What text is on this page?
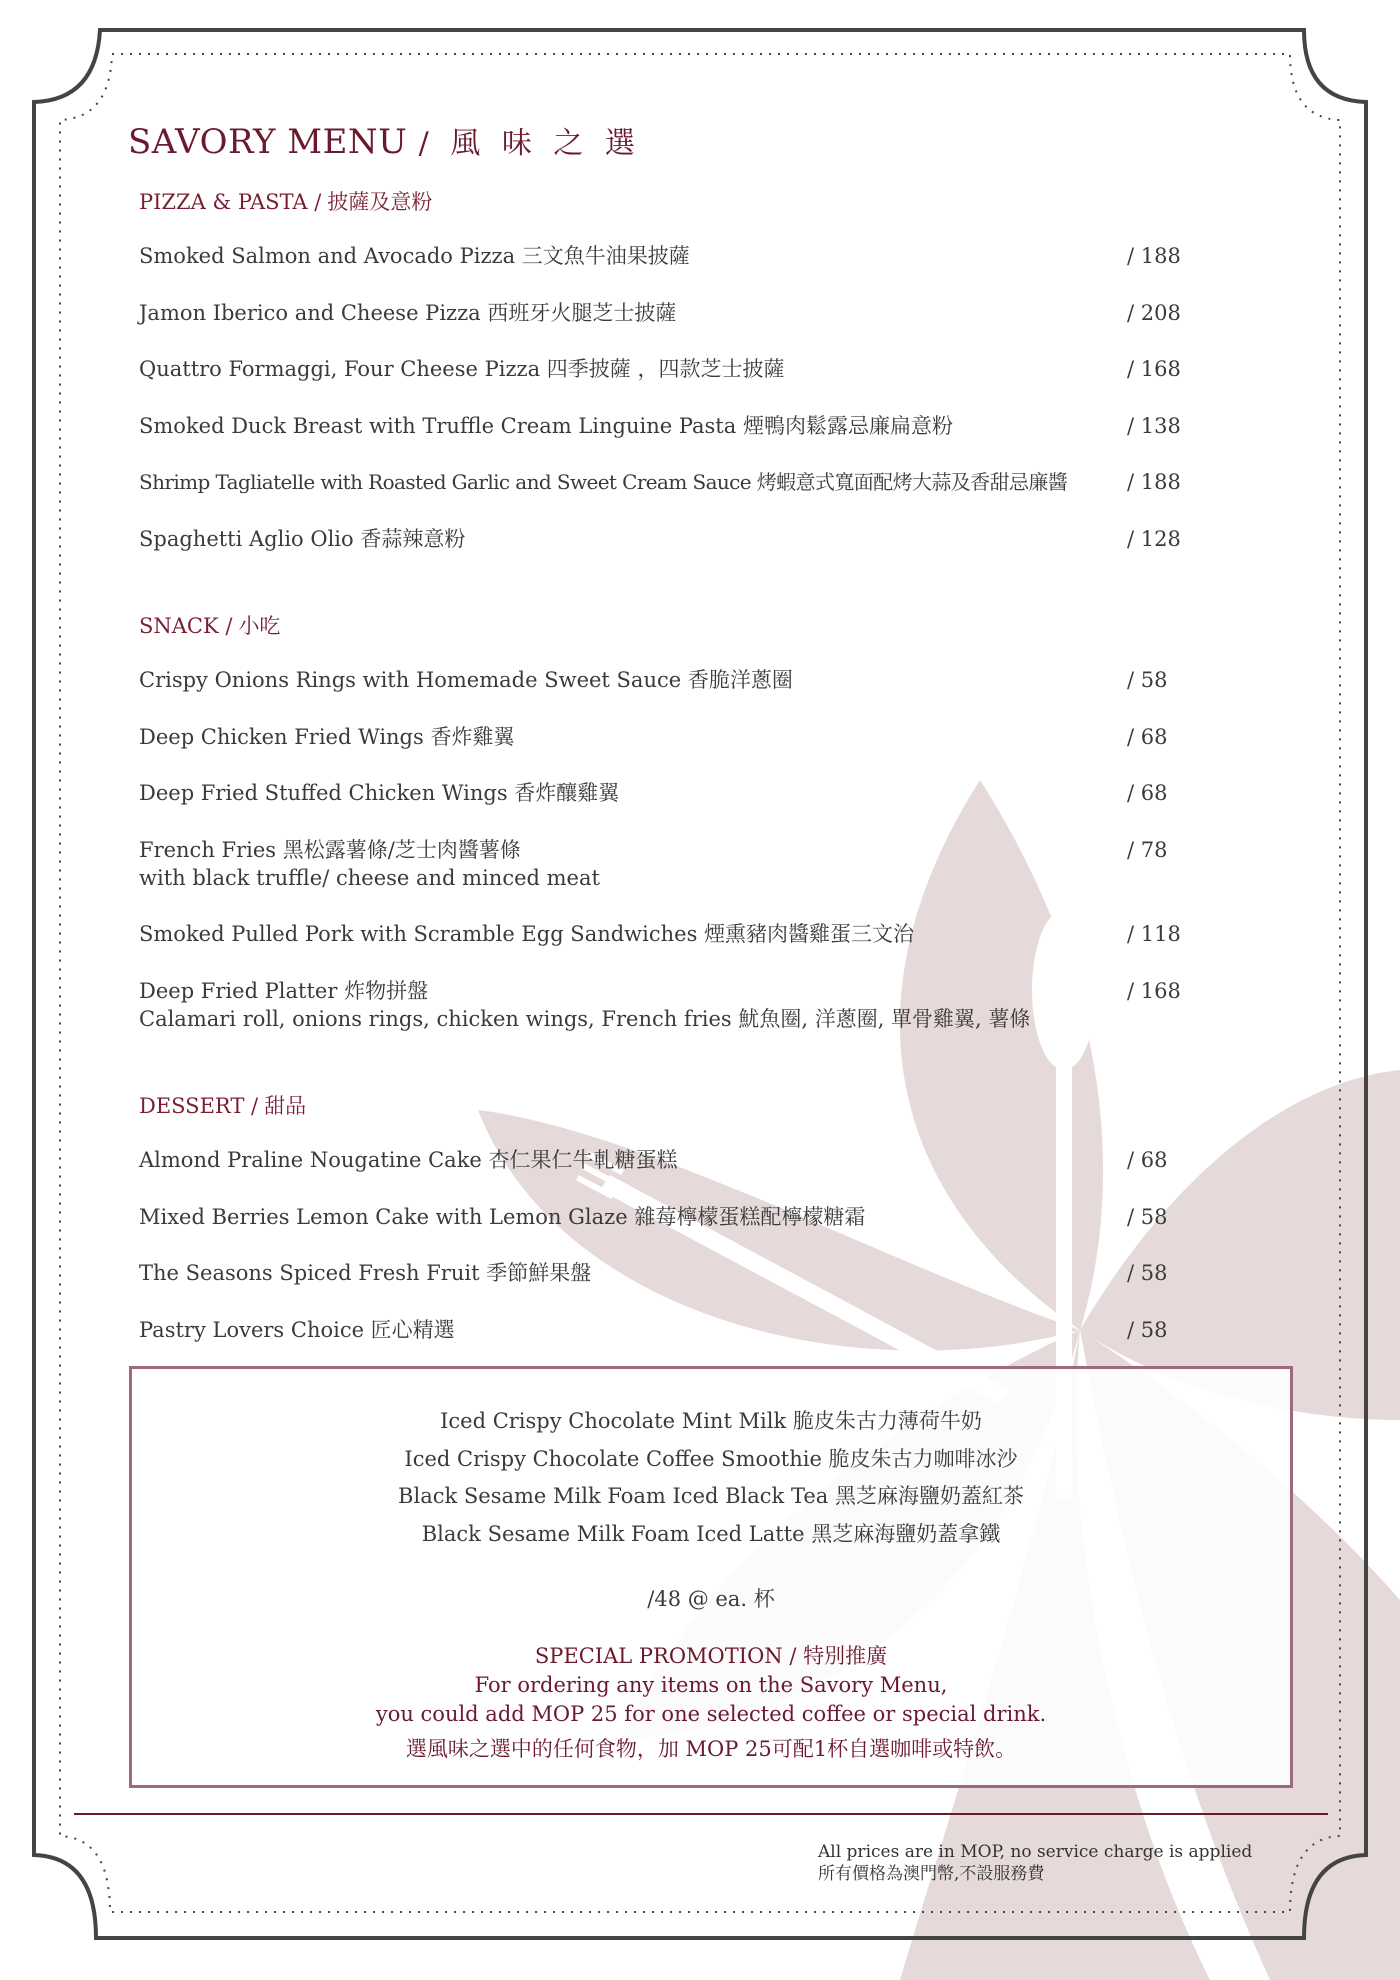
SAVORY MENU / 風 味 之 選
PIZZA & PASTA / 披薩及意粉
Smoked Salmon and Avocado Pizza 三文魚牛油果披薩	/ 188
Jamon Iberico and Cheese Pizza 西班牙火腿芝士披薩	/ 208
Quattro Formaggi, Four Cheese Pizza 四季披薩 ，四款芝士披薩	/ 168
Smoked Duck Breast with Truffle Cream Linguine Pasta 煙鴨肉鬆露忌廉扁意粉	/ 138
Shrimp Tagliatelle with Roasted Garlic and Sweet Cream Sauce 烤蝦意式寬面配烤大蒜及香甜忌廉醬	/ 188
Spaghetti Aglio Olio 香蒜辣意粉	/ 128
SNACK / 小吃
Crispy Onions Rings with Homemade Sweet Sauce 香脆洋蔥圈	/ 58
Deep Chicken Fried Wings 香炸雞翼	/ 68
Deep Fried Stuffed Chicken Wings 香炸釀雞翼	/ 68
French Fries 黑松露薯條/芝士肉醬薯條
with black truffle/ cheese and minced meat
/ 78
Smoked Pulled Pork with Scramble Egg Sandwiches 煙熏豬肉醬雞蛋三文治	/ 118
Deep Fried Platter 炸物拼盤
Calamari roll, onions rings, chicken wings, French fries 魷魚圈, 洋蔥圈, 單骨雞翼, 薯條
/ 168
DESSERT / 甜品
Almond Praline Nougatine Cake 杏仁果仁牛軋糖蛋糕	/ 68
Mixed Berries Lemon Cake with Lemon Glaze 雜莓檸檬蛋糕配檸檬糖霜	/ 58
The Seasons Spiced Fresh Fruit 季節鮮果盤	/ 58
Pastry Lovers Choice 匠心精選	/ 58
Iced Crispy Chocolate Mint Milk 脆皮朱古力薄荷牛奶
Iced Crispy Chocolate Coffee Smoothie 脆皮朱古力咖啡冰沙
Black Sesame Milk Foam Iced Black Tea 黑芝麻海鹽奶蓋紅茶
Black Sesame Milk Foam Iced Latte 黑芝麻海鹽奶蓋拿鐵
/48 @ ea. 杯
SPECIAL PROMOTION / 特別推廣
For ordering any items on the Savory Menu,
you could add MOP 25 for one selected coffee or special drink.
選風味之選中的任何食物，加 MOP 25可配1杯自選咖啡或特飲。
All prices are in MOP, no service charge is applied
所有價格為澳門幣,不設服務費
